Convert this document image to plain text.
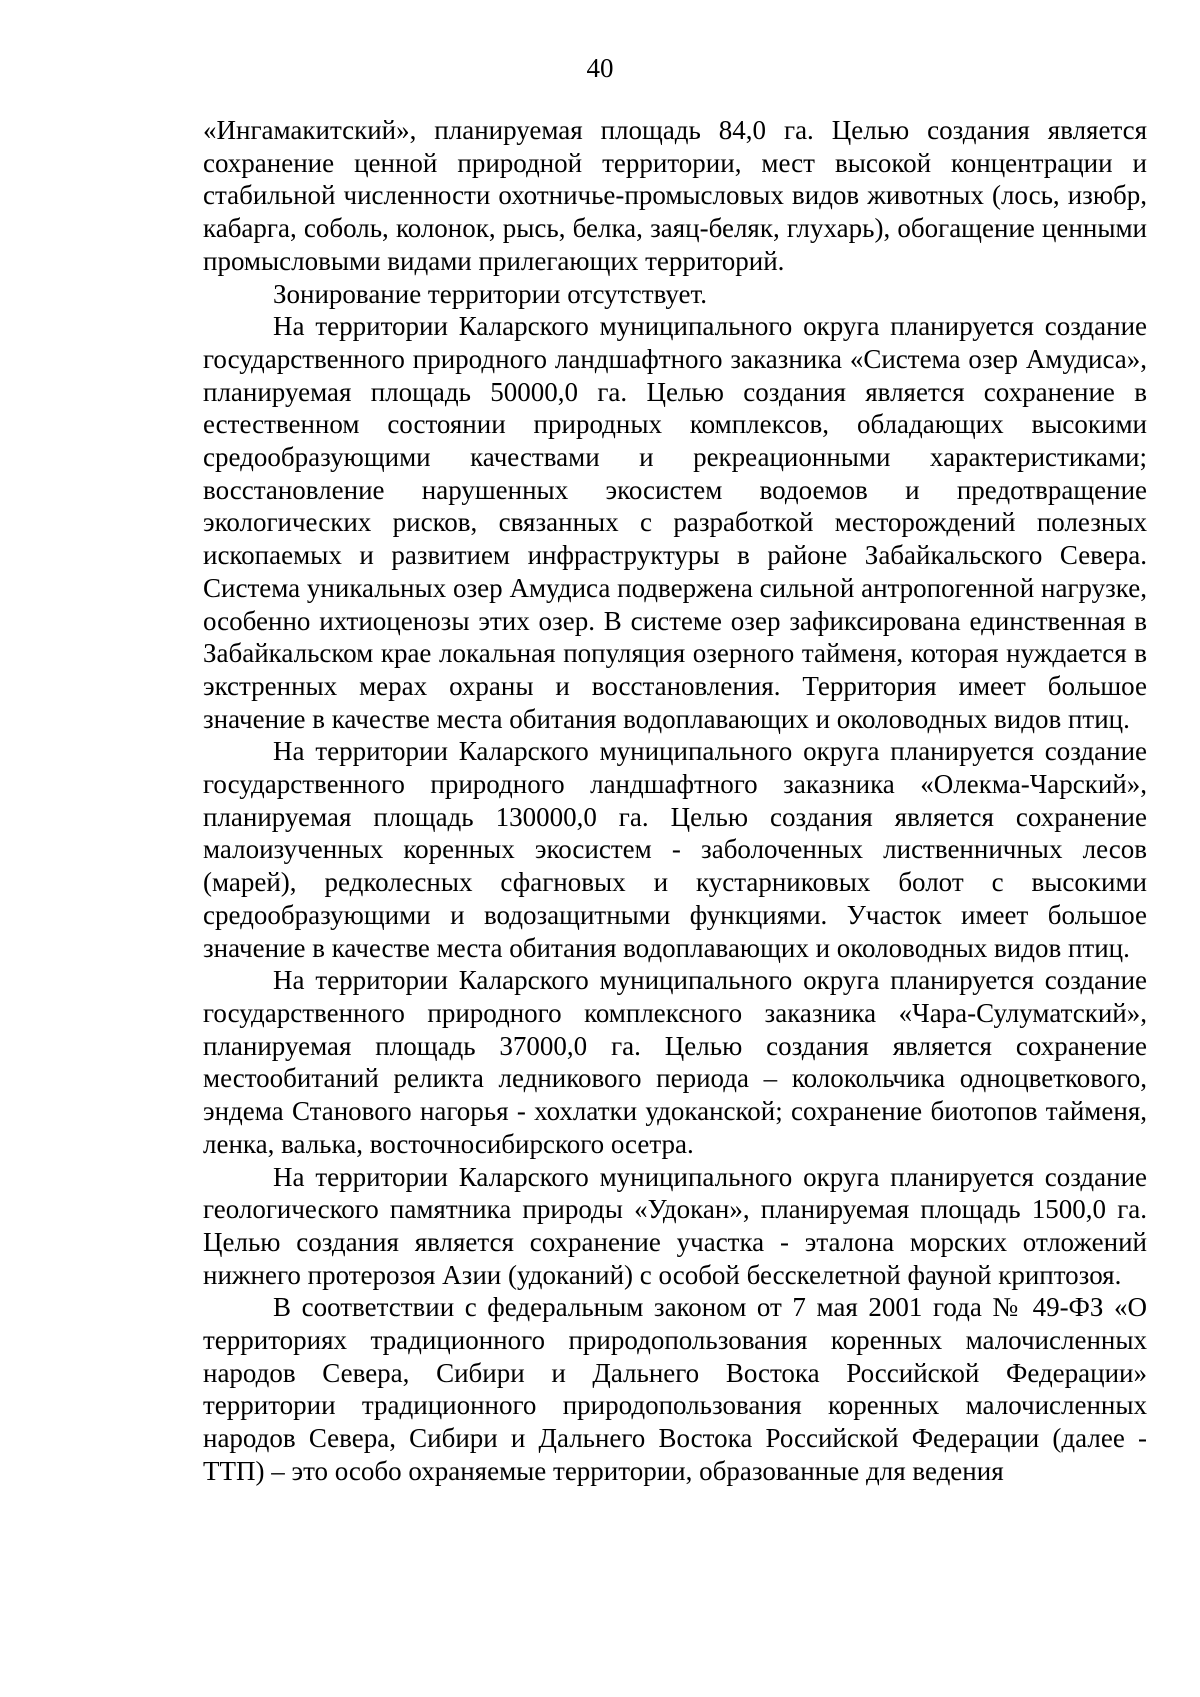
40

«Ингамакитский», планируемая площадь 84,0 га. Целью создания является сохранение ценной природной территории, мест высокой концентрации и стабильной численности охотничье-промысловых видов животных (лось, изюбр, кабарга, соболь, колонок, рысь, белка, заяц-беляк, глухарь), обогащение ценными промысловыми видами прилегающих территорий.

Зонирование территории отсутствует.

На территории Каларского муниципального округа планируется создание государственного природного ландшафтного заказника «Система озер Амудиса», планируемая площадь 50000,0 га. Целью создания является сохранение в естественном состоянии природных комплексов, обладающих высокими средообразующими качествами и рекреационными характеристиками; восстановление нарушенных экосистем водоемов и предотвращение экологических рисков, связанных с разработкой месторождений полезных ископаемых и развитием инфраструктуры в районе Забайкальского Севера. Система уникальных озер Амудиса подвержена сильной антропогенной нагрузке, особенно ихтиоценозы этих озер. В системе озер зафиксирована единственная в Забайкальском крае локальная популяция озерного тайменя, которая нуждается в экстренных мерах охраны и восстановления. Территория имеет большое значение в качестве места обитания водоплавающих и околоводных видов птиц.

На территории Каларского муниципального округа планируется создание государственного природного ландшафтного заказника «Олекма-Чарский», планируемая площадь 130000,0 га. Целью создания является сохранение малоизученных коренных экосистем - заболоченных лиственничных лесов (марей), редколесных сфагновых и кустарниковых болот с высокими средообразующими и водозащитными функциями. Участок имеет большое значение в качестве места обитания водоплавающих и околоводных видов птиц.

На территории Каларского муниципального округа планируется создание государственного природного комплексного заказника «Чара-Сулуматский», планируемая площадь 37000,0 га. Целью создания является сохранение местообитаний реликта ледникового периода – колокольчика одноцветкового, эндема Станового нагорья - хохлатки удоканской; сохранение биотопов тайменя, ленка, валька, восточносибирского осетра.

На территории Каларского муниципального округа планируется создание геологического памятника природы «Удокан», планируемая площадь 1500,0 га. Целью создания является сохранение участка - эталона морских отложений нижнего протерозоя Азии (удоканий) с особой бесскелетной фауной криптозоя.

В соответствии с федеральным законом от 7 мая 2001 года № 49-ФЗ «О территориях традиционного природопользования коренных малочисленных народов Севера, Сибири и Дальнего Востока Российской Федерации» территории традиционного природопользования коренных малочисленных народов Севера, Сибири и Дальнего Востока Российской Федерации (далее - ТТП) – это особо охраняемые территории, образованные для ведения
